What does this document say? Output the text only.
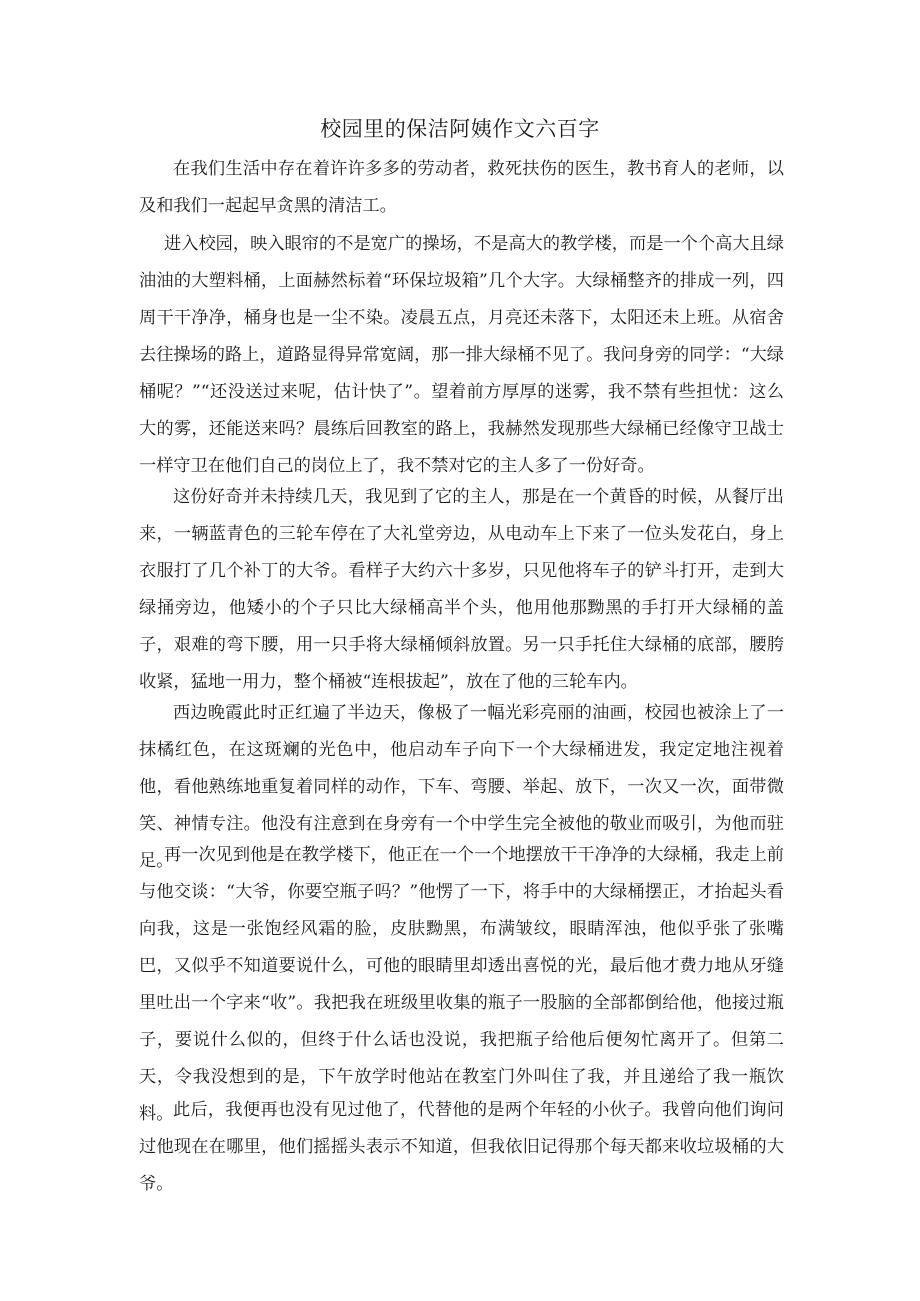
校园里的保洁阿姨作文六百字

在我们生活中存在着许许多多的劳动者，救死扶伤的医生，教书育人的老师，以及和我们一起起早贪黑的清洁工。

进入校园，映入眼帘的不是宽广的操场，不是高大的教学楼，而是一个个高大且绿油油的大塑料桶，上面赫然标着“环保垃圾箱”几个大字。大绿桶整齐的排成一列，四周干干净净，桶身也是一尘不染。凌晨五点，月亮还未落下，太阳还未上班。从宿舍去往操场的路上，道路显得异常宽阔，那一排大绿桶不见了。我问身旁的同学：“大绿桶呢？”“还没送过来呢，估计快了”。望着前方厚厚的迷雾，我不禁有些担忧：这么大的雾，还能送来吗？晨练后回教室的路上，我赫然发现那些大绿桶已经像守卫战士一样守卫在他们自己的岗位上了，我不禁对它的主人多了一份好奇。

这份好奇并未持续几天，我见到了它的主人，那是在一个黄昏的时候，从餐厅出来，一辆蓝青色的三轮车停在了大礼堂旁边，从电动车上下来了一位头发花白，身上衣服打了几个补丁的大爷。看样子大约六十多岁，只见他将车子的铲斗打开，走到大绿捅旁边，他矮小的个子只比大绿桶高半个头，他用他那黝黑的手打开大绿桶的盖子，艰难的弯下腰，用一只手将大绿桶倾斜放置。另一只手托住大绿桶的底部，腰胯收紧，猛地一用力，整个桶被“连根拔起”，放在了他的三轮车内。

西边晚霞此时正红遍了半边天，像极了一幅光彩亮丽的油画，校园也被涂上了一抹橘红色，在这斑斓的光色中，他启动车子向下一个大绿桶进发，我定定地注视着他，看他熟练地重复着同样的动作，下车、弯腰、举起、放下，一次又一次，面带微笑、神情专注。他没有注意到在身旁有一个中学生完全被他的敬业而吸引，为他而驻足。

再一次见到他是在教学楼下，他正在一个一个地摆放干干净净的大绿桶，我走上前与他交谈：“大爷，你要空瓶子吗？”他愣了一下，将手中的大绿桶摆正，才抬起头看向我，这是一张饱经风霜的脸，皮肤黝黑，布满皱纹，眼睛浑浊，他似乎张了张嘴巴，又似乎不知道要说什么，可他的眼睛里却透出喜悦的光，最后他才费力地从牙缝里吐出一个字来“收”。我把我在班级里收集的瓶子一股脑的全部都倒给他，他接过瓶子，要说什么似的，但终于什么话也没说，我把瓶子给他后便匆忙离开了。但第二天，令我没想到的是，下午放学时他站在教室门外叫住了我，并且递给了我一瓶饮料。 此后，我便再也没有见过他了，代替他的是两个年轻的小伙子。我曾向他们询问过他现在在哪里，他们摇摇头表示不知道，但我依旧记得那个每天都来收垃圾桶的大爷。
